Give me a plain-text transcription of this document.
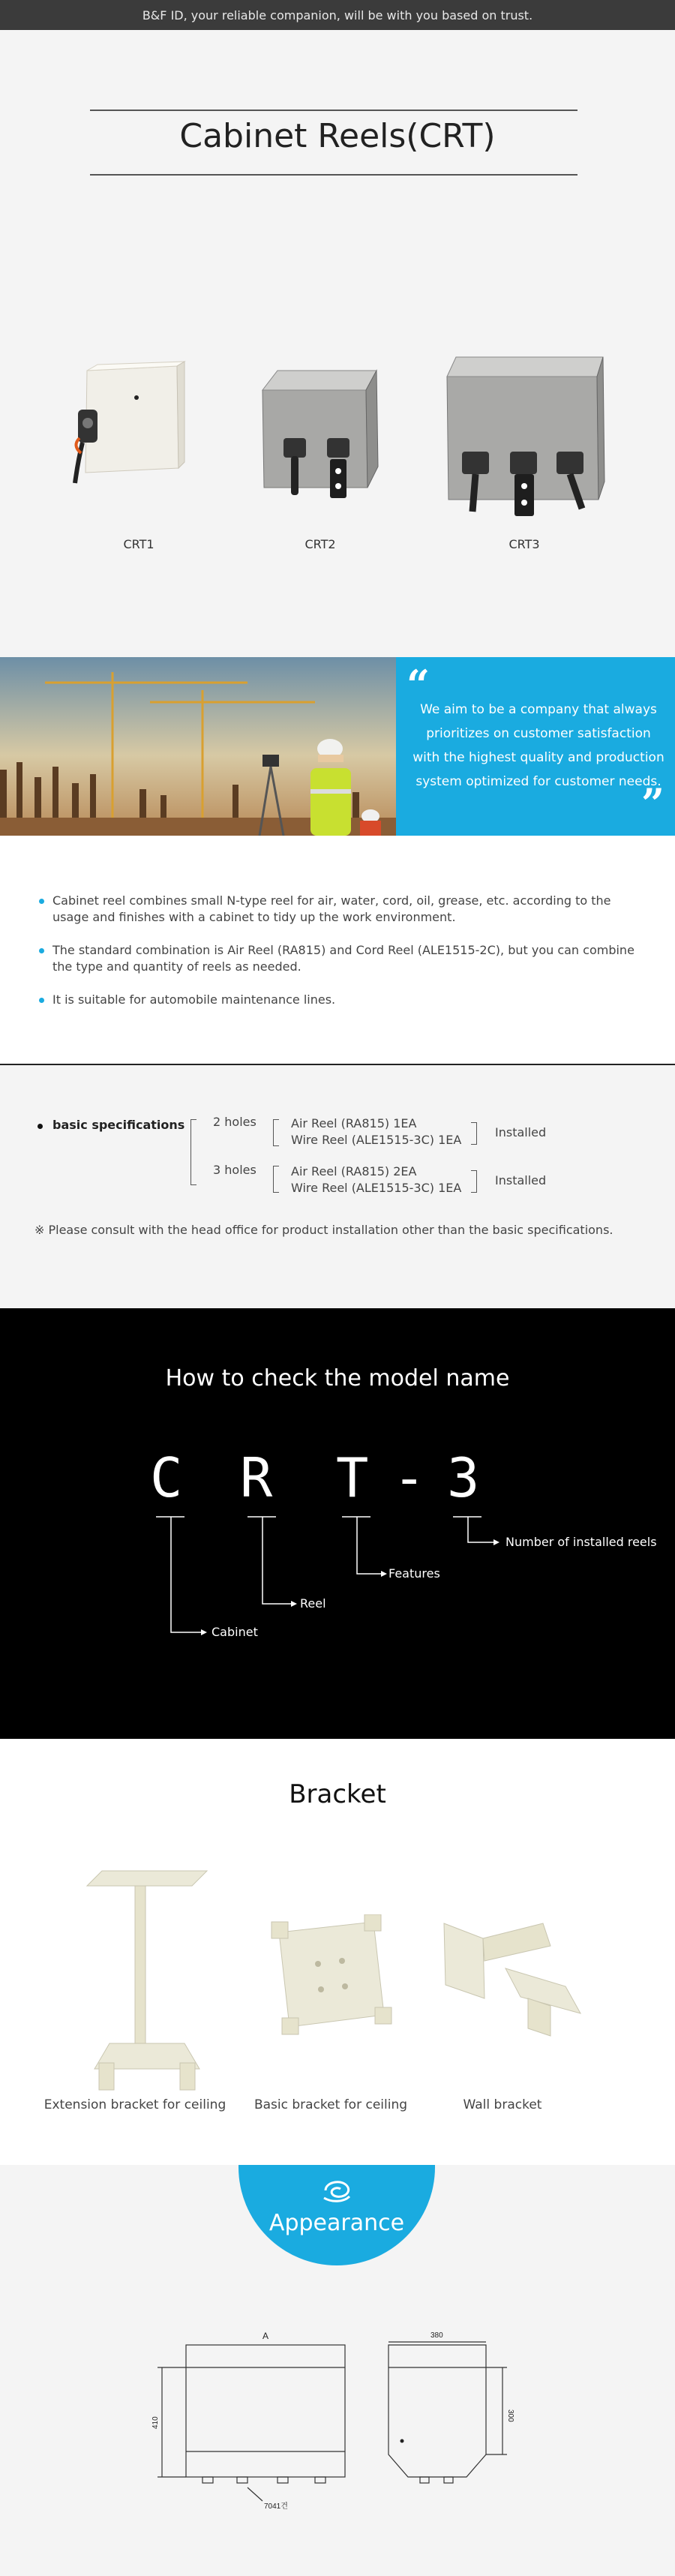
B&F ID, your reliable companion, will be with you based on trust.
Cabinet Reels(CRT)
CRT1	CRT2	CRT3
“
We aim to be a company that always
prioritizes on customer satisfaction
with the highest quality and production
system optimized for customer needs.
”
Cabinet reel combines small N-type reel for air, water, cord, oil, grease, etc. according to the usage and finishes with a cabinet to tidy up the work environment.
The standard combination is Air Reel (RA815) and Cord Reel (ALE1515-2C), but you can combine the type and quantity of reels as needed.
It is suitable for automobile maintenance lines.
basic specifications 2 holes	Air Reel (RA815) 1EA
Wire Reel (ALE1515-3C) 1EA
Installed
3 holes	Air Reel (RA815) 2EA
Wire Reel (ALE1515-3C) 1EA
Installed
※ Please consult with the head office for product installation other than the basic specifications.
How to check the model name
C R T - 3
Cabinet
Reel
Features
Number of installed reels
Bracket
Extension bracket for ceiling	Basic bracket for ceiling	Wall bracket
Appearance
A	380
410
300
7041건
